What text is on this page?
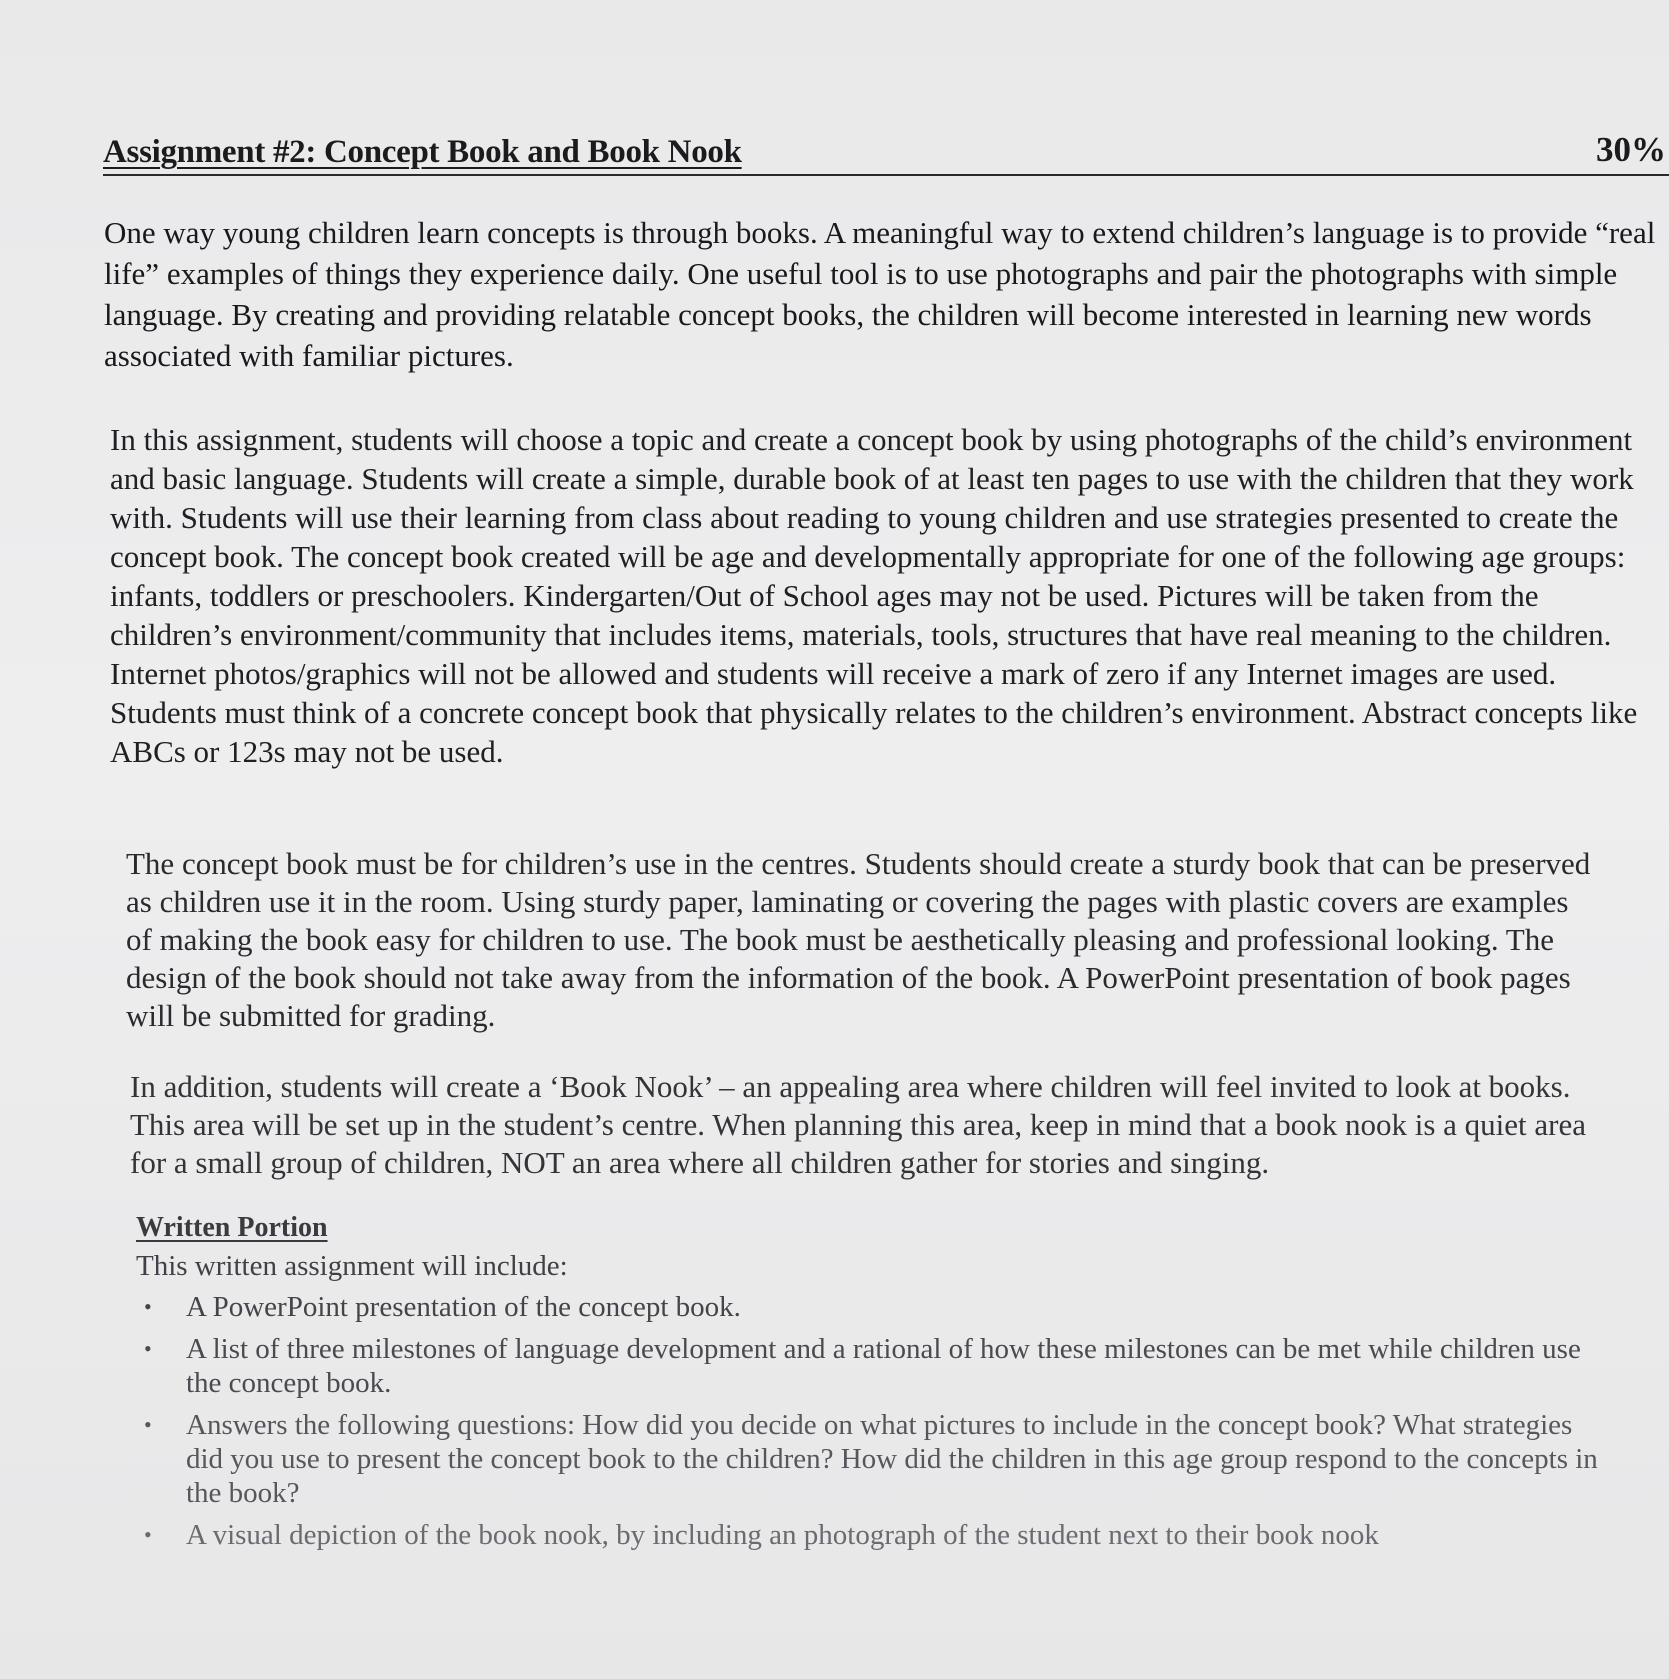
Assignment #2: Concept Book and Book Nook	30%

One way young children learn concepts is through books. A meaningful way to extend children’s language is to provide “real life” examples of things they experience daily. One useful tool is to use photographs and pair the photographs with simple language. By creating and providing relatable concept books, the children will become interested in learning new words associated with familiar pictures.

In this assignment, students will choose a topic and create a concept book by using photographs of the child’s environment and basic language. Students will create a simple, durable book of at least ten pages to use with the children that they work with. Students will use their learning from class about reading to young children and use strategies presented to create the concept book. The concept book created will be age and developmentally appropriate for one of the following age groups: infants, toddlers or preschoolers. Kindergarten/Out of School ages may not be used. Pictures will be taken from the children’s environment/community that includes items, materials, tools, structures that have real meaning to the children. Internet photos/graphics will not be allowed and students will receive a mark of zero if any Internet images are used. Students must think of a concrete concept book that physically relates to the children’s environment. Abstract concepts like ABCs or 123s may not be used.

The concept book must be for children’s use in the centres. Students should create a sturdy book that can be preserved as children use it in the room. Using sturdy paper, laminating or covering the pages with plastic covers are examples of making the book easy for children to use. The book must be aesthetically pleasing and professional looking. The design of the book should not take away from the information of the book. A PowerPoint presentation of book pages will be submitted for grading.

In addition, students will create a ‘Book Nook’ – an appealing area where children will feel invited to look at books. This area will be set up in the student’s centre. When planning this area, keep in mind that a book nook is a quiet area for a small group of children, NOT an area where all children gather for stories and singing.

Written Portion
This written assignment will include:
• A PowerPoint presentation of the concept book.
• A list of three milestones of language development and a rational of how these milestones can be met while children use the concept book.
• Answers the following questions: How did you decide on what pictures to include in the concept book? What strategies did you use to present the concept book to the children? How did the children in this age group respond to the concepts in the book?
• A visual depiction of the book nook, by including an photograph of the student next to their book nook
